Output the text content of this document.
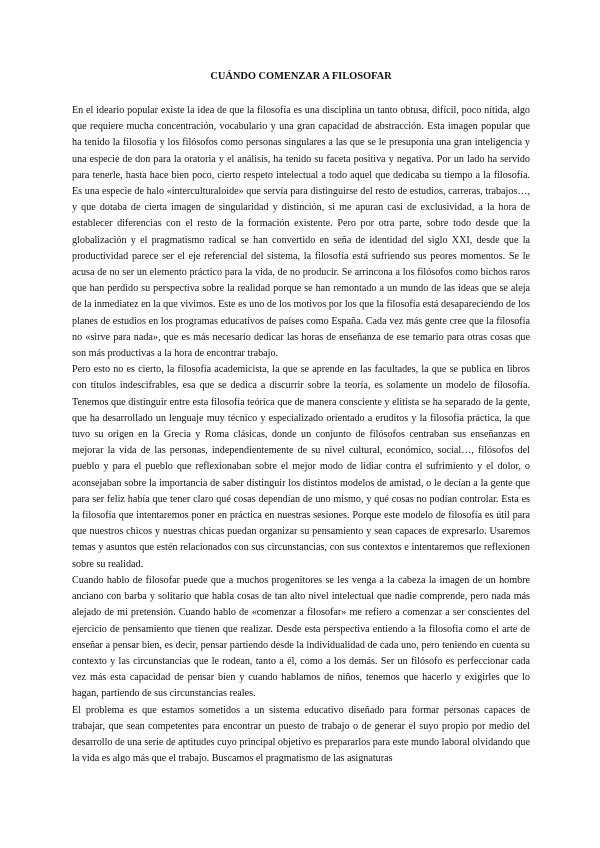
CUÁNDO COMENZAR A FILOSOFAR

En el ideario popular existe la idea de que la filosofía es una disciplina un tanto obtusa, difícil, poco nítida, algo que requiere mucha concentración, vocabulario y una gran capacidad de abstracción. Esta imagen popular que ha tenido la filosofía y los filósofos como personas singulares a las que se le presuponía una gran inteligencia y una especie de don para la oratoria y el análisis, ha tenido su faceta positiva y negativa. Por un lado ha servido para tenerle, hasta hace bien poco, cierto respeto intelectual a todo aquel que dedicaba su tiempo a la filosofía. Es una especie de halo «interculturaloide» que servía para distinguirse del resto de estudios, carreras, trabajos…, y que dotaba de cierta imagen de singularidad y distinción, si me apuran casi de exclusividad, a la hora de establecer diferencias con el resto de la formación existente. Pero por otra parte, sobre todo desde que la globalización y el pragmatismo radical se han convertido en seña de identidad del siglo XXI, desde que la productividad parece ser el eje referencial del sistema, la filosofía está sufriendo sus peores momentos. Se le acusa de no ser un elemento práctico para la vida, de no producir. Se arrincona a los filósofos como bichos raros que han perdido su perspectiva sobre la realidad porque se han remontado a un mundo de las ideas que se aleja de la inmediatez en la que vivimos. Este es uno de los motivos por los que la filosofía está desapareciendo de los planes de estudios en los programas educativos de países como España. Cada vez más gente cree que la filosofía no «sirve para nada», que es más necesario dedicar las horas de enseñanza de ese temario para otras cosas que son más productivas a la hora de encontrar trabajo.

Pero esto no es cierto, la filosofía academicista, la que se aprende en las facultades, la que se publica en libros con títulos indescifrables, esa que se dedica a discurrir sobre la teoría, es solamente un modelo de filosofía. Tenemos que distinguir entre esta filosofía teórica que de manera consciente y elitista se ha separado de la gente, que ha desarrollado un lenguaje muy técnico y especializado orientado a eruditos y la filosofía práctica, la que tuvo su origen en la Grecia y Roma clásicas, donde un conjunto de filósofos centraban sus enseñanzas en mejorar la vida de las personas, independientemente de su nivel cultural, económico, social…, filósofos del pueblo y para el pueblo que reflexionaban sobre el mejor modo de lidiar contra el sufrimiento y el dolor, o aconsejaban sobre la importancia de saber distinguir los distintos modelos de amistad, o le decían a la gente que para ser feliz había que tener claro qué cosas dependían de uno mismo, y qué cosas no podían controlar. Esta es la filosofía que intentaremos poner en práctica en nuestras sesiones. Porque este modelo de filosofía es útil para que nuestros chicos y nuestras chicas puedan organizar su pensamiento y sean capaces de expresarlo. Usaremos temas y asuntos que estén relacionados con sus circunstancias, con sus contextos e intentaremos que reflexionen sobre su realidad.

Cuando hablo de filosofar puede que a muchos progenitores se les venga a la cabeza la imagen de un hombre anciano con barba y solitario que habla cosas de tan alto nivel intelectual que nadie comprende, pero nada más alejado de mi pretensión. Cuando hablo de «comenzar a filosofar» me refiero a comenzar a ser conscientes del ejercicio de pensamiento que tienen que realizar. Desde esta perspectiva entiendo a la filosofía como el arte de enseñar a pensar bien, es decir, pensar partiendo desde la individualidad de cada uno, pero teniendo en cuenta su contexto y las circunstancias que le rodean, tanto a él, como a los demás. Ser un filósofo es perfeccionar cada vez más esta capacidad de pensar bien y cuando hablamos de niños, tenemos que hacerlo y exigirles que lo hagan, partiendo de sus circunstancias reales.

El problema es que estamos sometidos a un sistema educativo diseñado para formar personas capaces de trabajar, que sean competentes para encontrar un puesto de trabajo o de generar el suyo propio por medio del desarrollo de una serie de aptitudes cuyo principal objetivo es prepararlos para este mundo laboral olvidando que la vida es algo más que el trabajo. Buscamos el pragmatismo de las asignaturas
